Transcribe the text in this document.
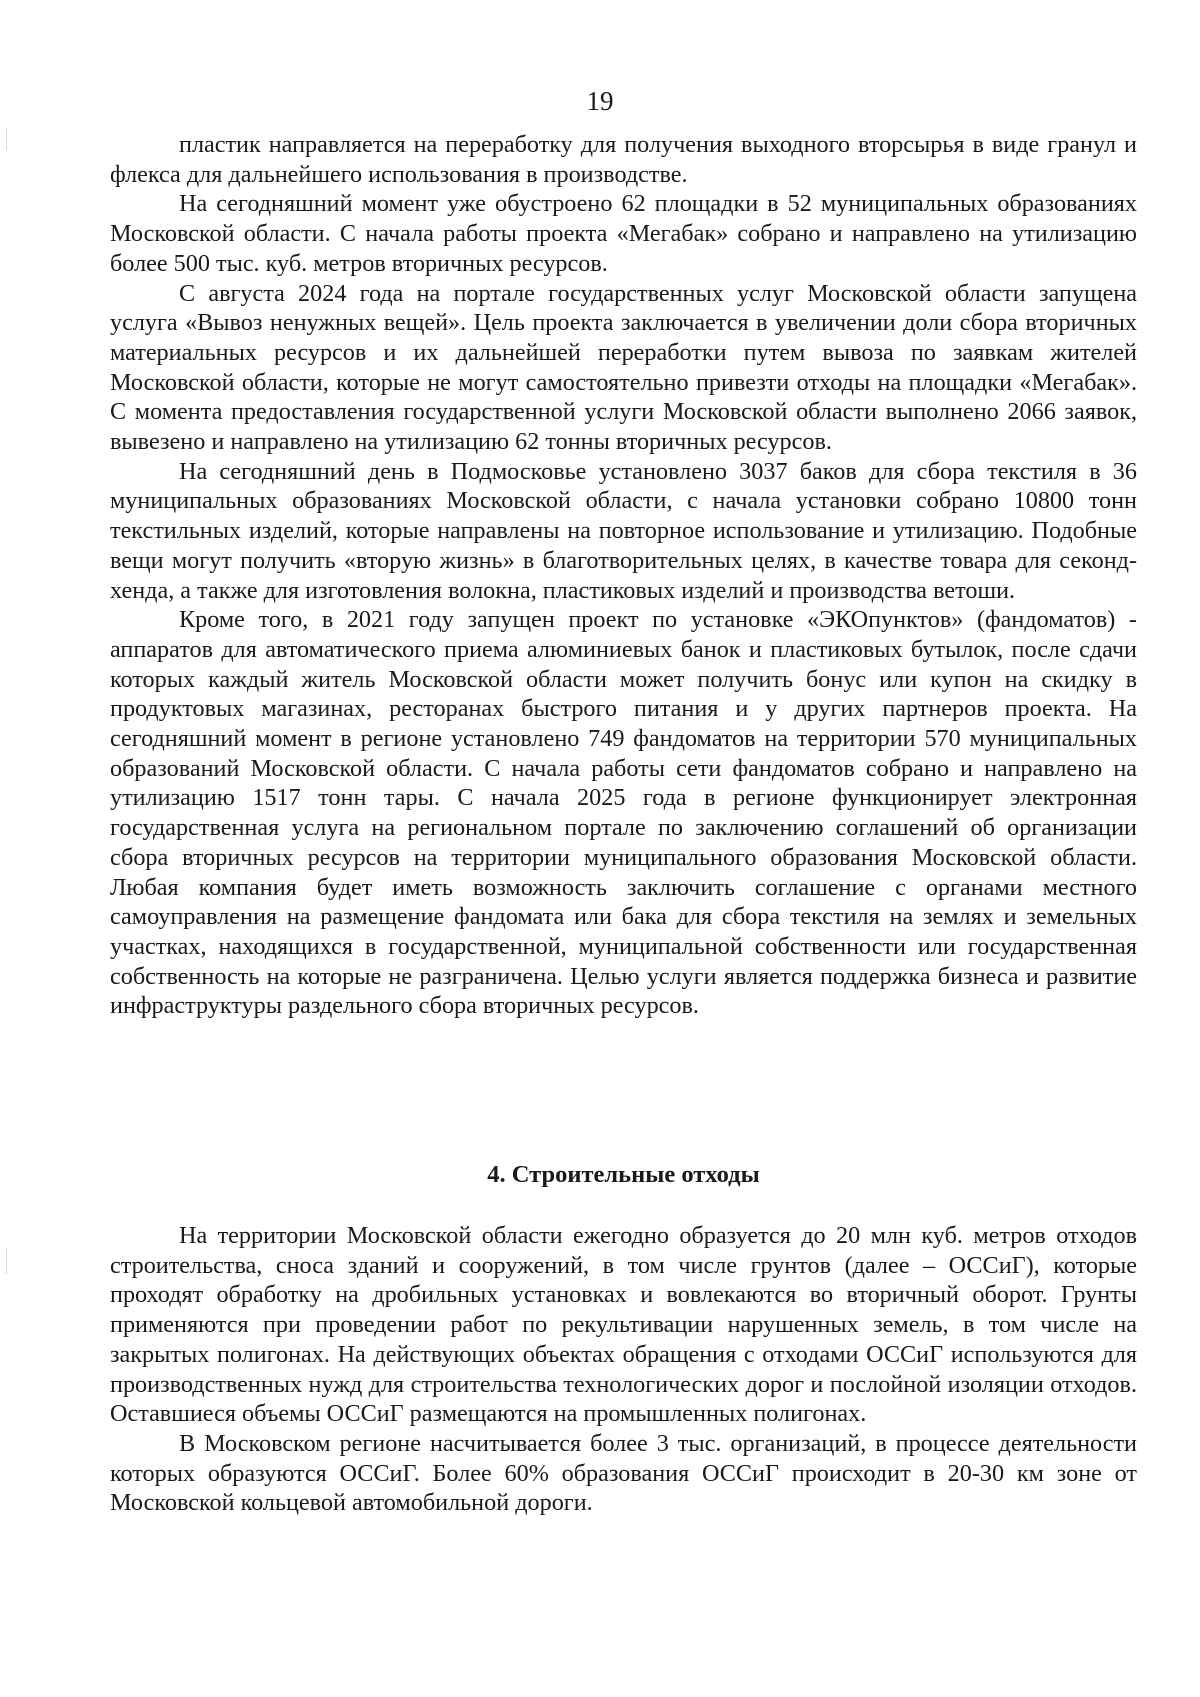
19

пластик направляется на переработку для получения выходного вторсырья в виде гранул и флекса для дальнейшего использования в производстве.

На сегодняшний момент уже обустроено 62 площадки в 52 муниципальных образованиях Московской области. С начала работы проекта «Мегабак» собрано и направлено на утилизацию более 500 тыс. куб. метров вторичных ресурсов.

С августа 2024 года на портале государственных услуг Московской области запущена услуга «Вывоз ненужных вещей». Цель проекта заключается в увеличении доли сбора вторичных материальных ресурсов и их дальнейшей переработки путем вывоза по заявкам жителей Московской области, которые не могут самостоятельно привезти отходы на площадки «Мегабак». С момента предоставления государственной услуги Московской области выполнено 2066 заявок, вывезено и направлено на утилизацию 62 тонны вторичных ресурсов.

На сегодняшний день в Подмосковье установлено 3037 баков для сбора текстиля в 36 муниципальных образованиях Московской области, с начала установки собрано 10800 тонн текстильных изделий, которые направлены на повторное использование и утилизацию. Подобные вещи могут получить «вторую жизнь» в благотворительных целях, в качестве товара для секонд-хенда, а также для изготовления волокна, пластиковых изделий и производства ветоши.

Кроме того, в 2021 году запущен проект по установке «ЭКОпунктов» (фандоматов) - аппаратов для автоматического приема алюминиевых банок и пластиковых бутылок, после сдачи которых каждый житель Московской области может получить бонус или купон на скидку в продуктовых магазинах, ресторанах быстрого питания и у других партнеров проекта. На сегодняшний момент в регионе установлено 749 фандоматов на территории 570 муниципальных образований Московской области. С начала работы сети фандоматов собрано и направлено на утилизацию 1517 тонн тары. С начала 2025 года в регионе функционирует электронная государственная услуга на региональном портале по заключению соглашений об организации сбора вторичных ресурсов на территории муниципального образования Московской области. Любая компания будет иметь возможность заключить соглашение с органами местного самоуправления на размещение фандомата или бака для сбора текстиля на землях и земельных участках, находящихся в государственной, муниципальной собственности или государственная собственность на которые не разграничена. Целью услуги является поддержка бизнеса и развитие инфраструктуры раздельного сбора вторичных ресурсов.

4. Строительные отходы

На территории Московской области ежегодно образуется до 20 млн куб. метров отходов строительства, сноса зданий и сооружений, в том числе грунтов (далее – ОССиГ), которые проходят обработку на дробильных установках и вовлекаются во вторичный оборот. Грунты применяются при проведении работ по рекультивации нарушенных земель, в том числе на закрытых полигонах. На действующих объектах обращения с отходами ОССиГ используются для производственных нужд для строительства технологических дорог и послойной изоляции отходов. Оставшиеся объемы ОССиГ размещаются на промышленных полигонах.

В Московском регионе насчитывается более 3 тыс. организаций, в процессе деятельности которых образуются ОССиГ. Более 60% образования ОССиГ происходит в 20-30 км зоне от Московской кольцевой автомобильной дороги.
